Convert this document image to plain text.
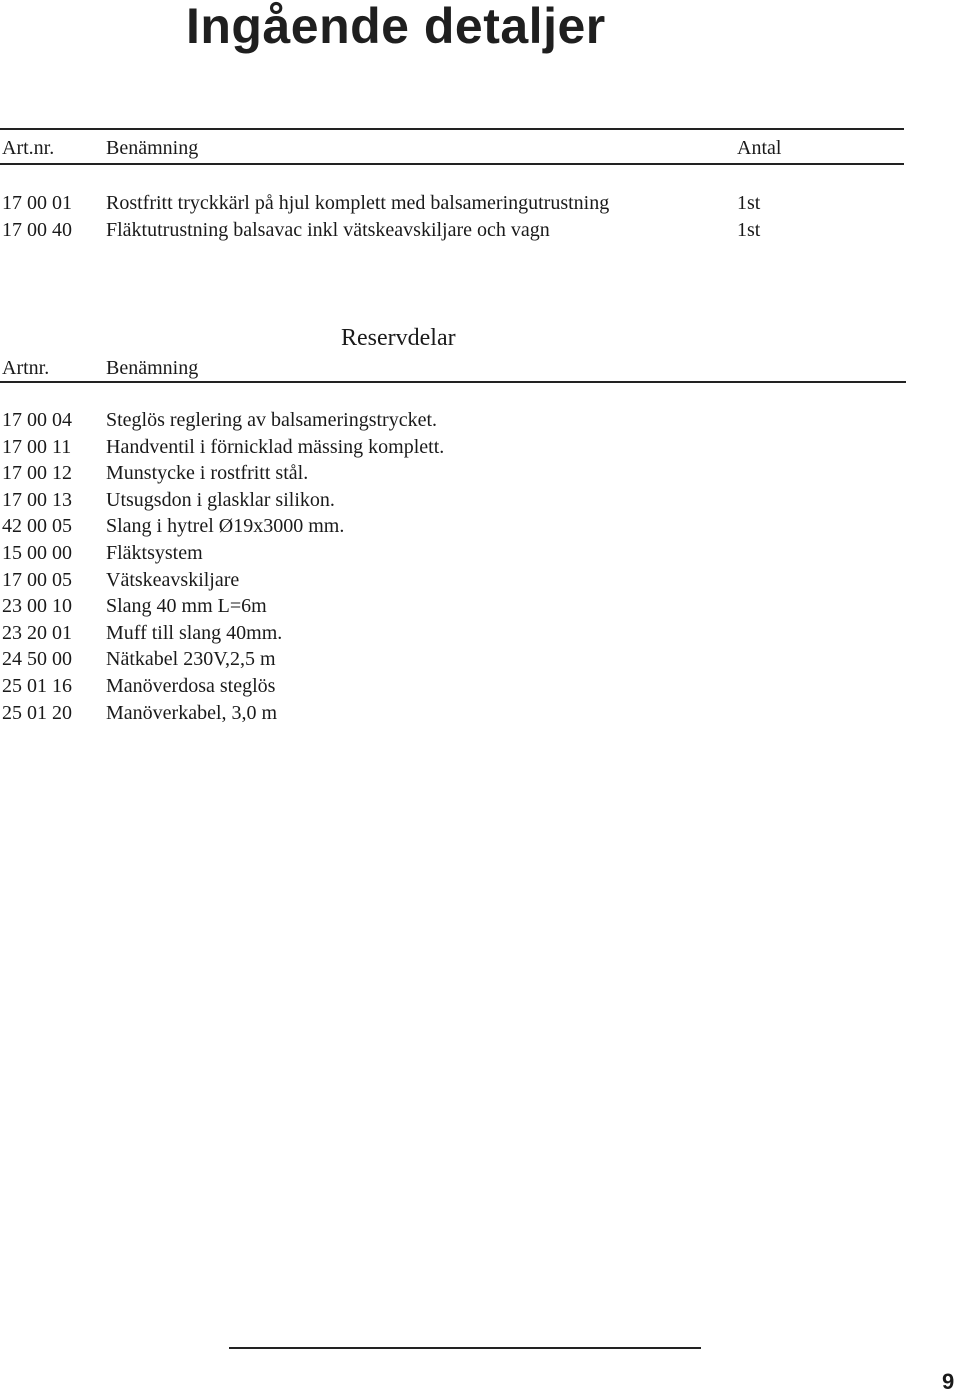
Ingående detaljer
Art.nr.	Benämning	Antal
17 00 01 Rostfritt tryckkärl på hjul komplett med balsameringutrustning	1st
17 00 40 Fläktutrustning balsavac inkl vätskeavskiljare och vagn	1st
Reservdelar
Artnr.	Benämning
17 00 04 Steglös reglering av balsameringstrycket.
17 00 11 Handventil i förnicklad mässing komplett.
17 00 12 Munstycke i rostfritt stål.
17 00 13 Utsugsdon i glasklar silikon.
42 00 05 Slang i hytrel Ø19x3000 mm.
15 00 00 Fläktsystem
17 00 05 Vätskeavskiljare
23 00 10 Slang 40 mm L=6m
23 20 01 Muff till slang 40mm.
24 50 00 Nätkabel 230V,2,5 m
25 01 16 Manöverdosa steglös
25 01 20 Manöverkabel, 3,0 m
9
